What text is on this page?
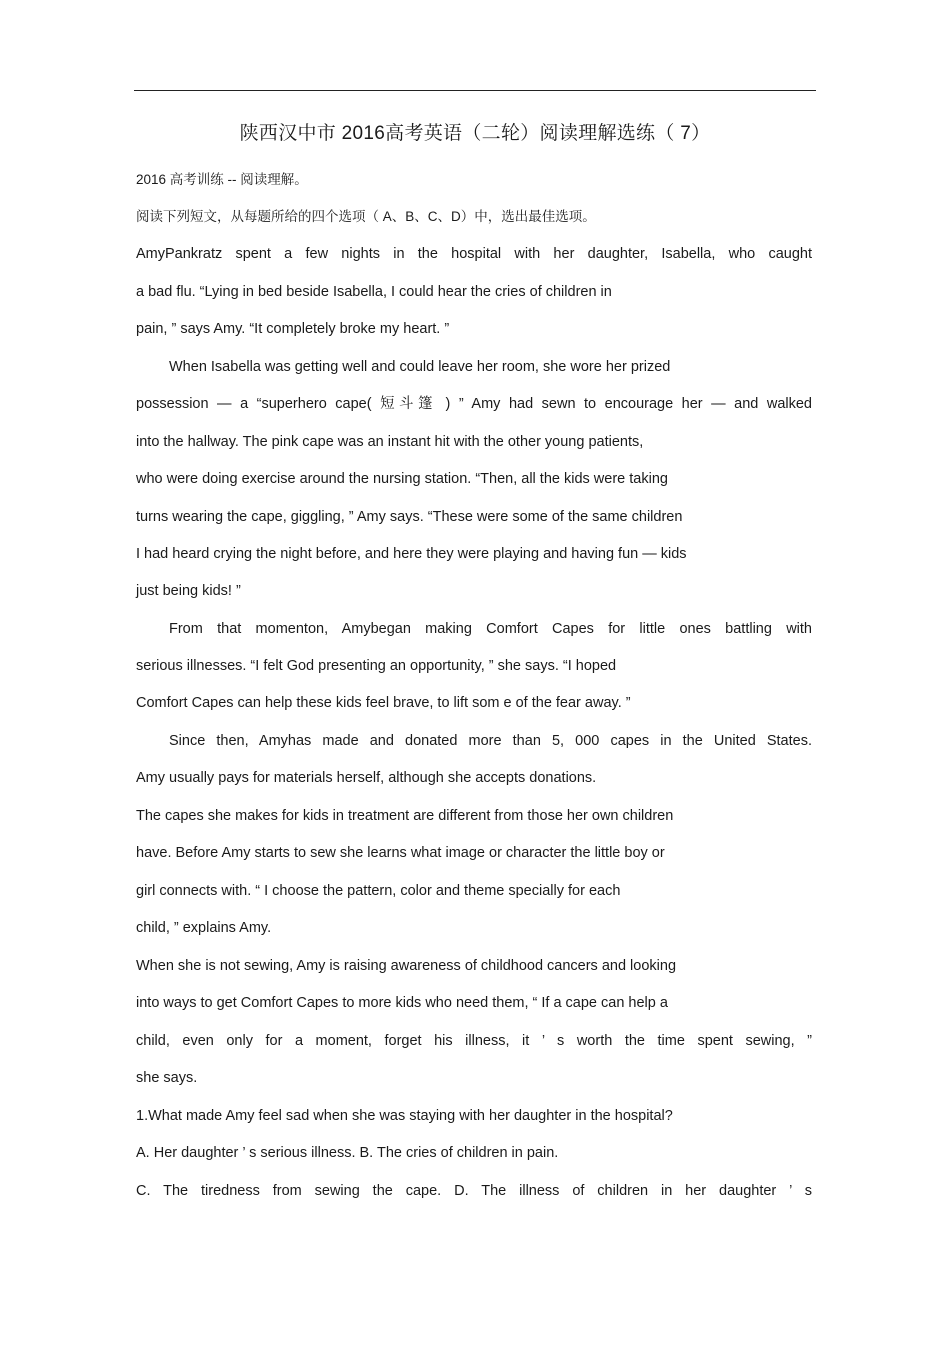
陕西汉中市 2016高考英语（二轮）阅读理解选练（ 7）
2016 高考训练 -- 阅读理解。
阅读下列短文，从每题所给的四个选项（ A、B、C、D）中，选出最佳选项。
AmyPankratz spent a few nights in the hospital with her daughter, Isabella, who caught
a bad flu. “Lying in bed beside Isabella, I could hear the cries of children in
pain, ” says Amy. “It completely broke my heart. ”
When Isabella was getting well and could leave her room, she wore her prized
possession — a “superhero cape( 短斗篷 ) ” Amy had sewn to encourage her — and walked
into the hallway. The pink cape was an instant hit with the other young patients,
who were doing exercise around the nursing station. “Then, all the kids were taking
turns wearing the cape, giggling, ” Amy says. “These were some of the same children
I had heard crying the night before, and here they were playing and having fun — kids
just being kids! ”
From that momenton, Amybegan making Comfort Capes for little ones battling with
serious illnesses. “I felt God presenting an opportunity, ” she says. “I hoped
Comfort Capes can help these kids feel brave, to lift som e of the fear away. ”
Since then, Amyhas made and donated more than 5, 000 capes in the United States.
Amy usually pays for materials herself, although she accepts donations.
The capes she makes for kids in treatment are different from those her own children
have. Before Amy starts to sew she learns what image or character the little boy or
girl connects with. “ I choose the pattern, color and theme specially for each
child, ” explains Amy.
When she is not sewing, Amy is raising awareness of childhood cancers and looking
into ways to get Comfort Capes to more kids who need them, “ If a cape can help a
child, even only for a moment, forget his illness, it ’ s worth the time spent sewing, ”
she says.
1.What made Amy feel sad when she was staying with her daughter in the hospital?
A. Her daughter ’ s serious illness. B. The cries of children in pain.
C. The tiredness from sewing the cape. D. The illness of children in her daughter ’ s
